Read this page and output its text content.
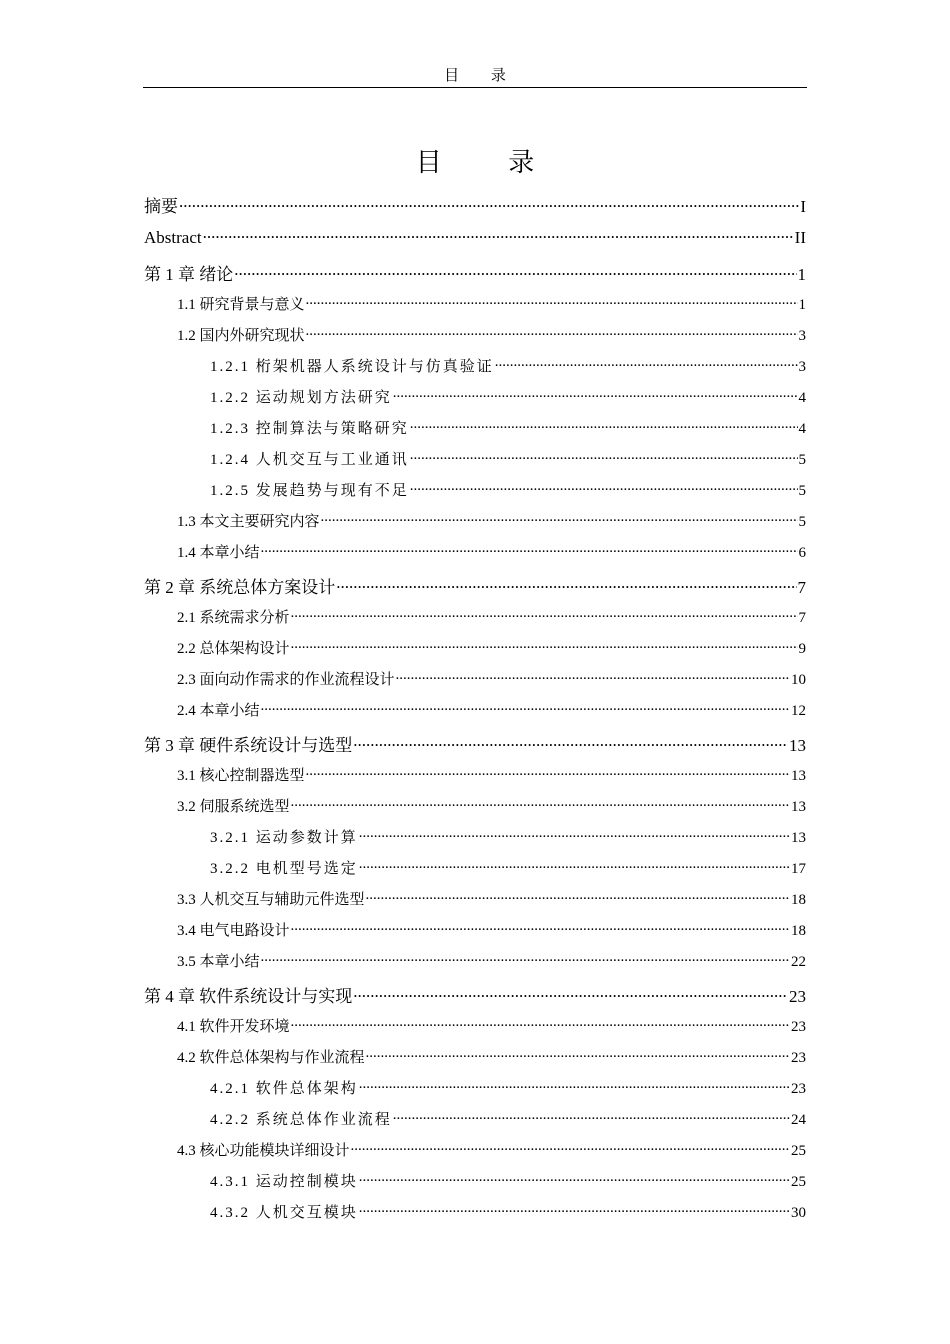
目 录
目 录
摘要 .....	I
Abstract .....	II
第 1 章 绪论 .....	1
1.1 研究背景与意义 .....	1
1.2 国内外研究现状 .....	3
1.2.1 桁架机器人系统设计与仿真验证 .....	3
1.2.2 运动规划方法研究 .....	4
1.2.3 控制算法与策略研究 .....	4
1.2.4 人机交互与工业通讯 .....	5
1.2.5 发展趋势与现有不足 .....	5
1.3 本文主要研究内容 .....	5
1.4 本章小结 .....	6
第 2 章 系统总体方案设计 .....	7
2.1 系统需求分析 .....	7
2.2 总体架构设计 .....	9
2.3 面向动作需求的作业流程设计 .....	10
2.4 本章小结 .....	12
第 3 章 硬件系统设计与选型 .....	13
3.1 核心控制器选型 .....	13
3.2 伺服系统选型 .....	13
3.2.1 运动参数计算 .....	13
3.2.2 电机型号选定 .....	17
3.3 人机交互与辅助元件选型 .....	18
3.4 电气电路设计 .....	18
3.5 本章小结 .....	22
第 4 章 软件系统设计与实现 .....	23
4.1 软件开发环境 .....	23
4.2 软件总体架构与作业流程 .....	23
4.2.1 软件总体架构 .....	23
4.2.2 系统总体作业流程 .....	24
4.3 核心功能模块详细设计 .....	25
4.3.1 运动控制模块 .....	25
4.3.2 人机交互模块 .....	30
